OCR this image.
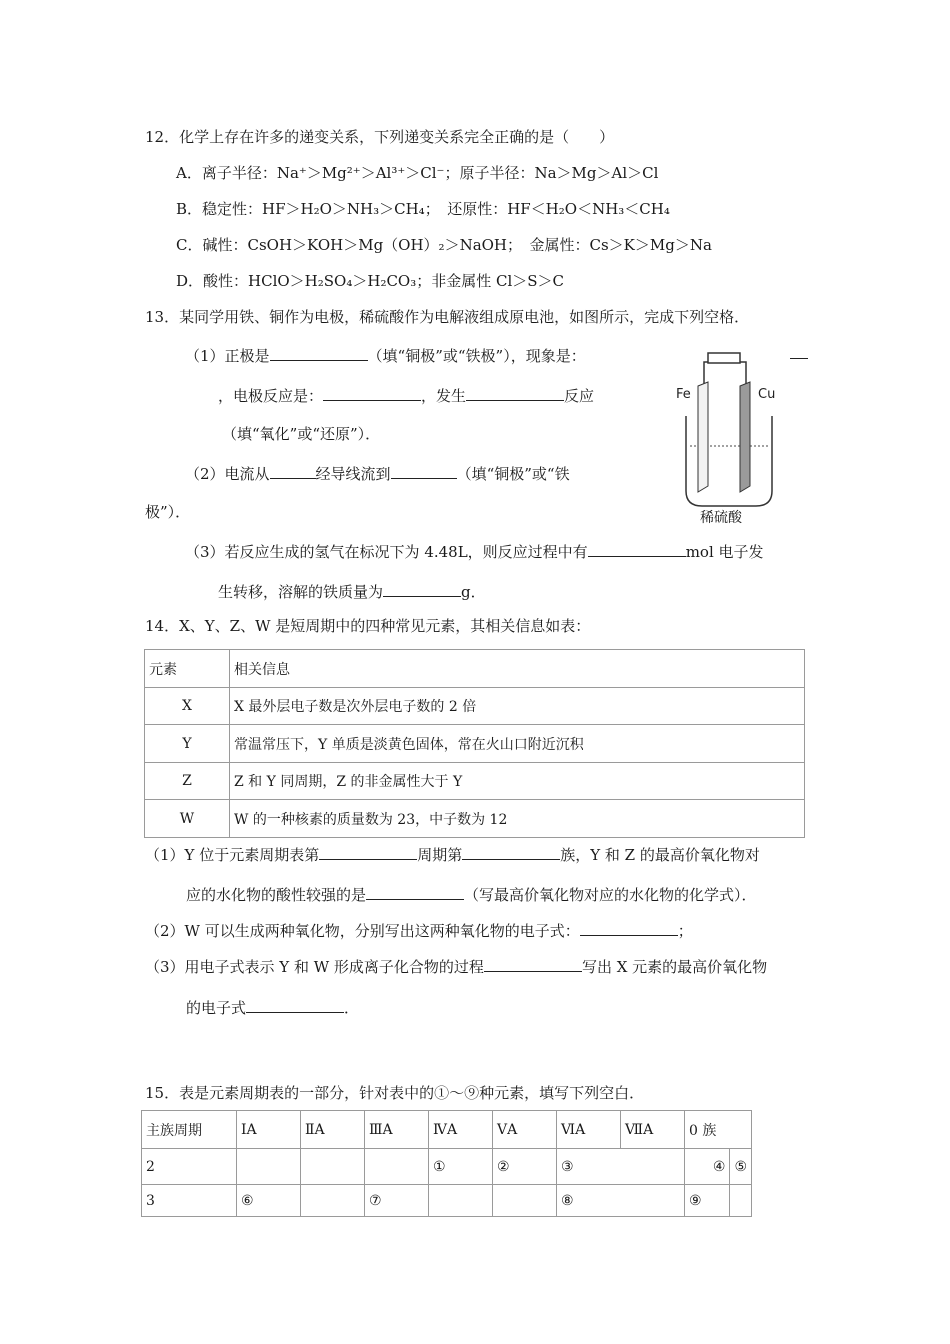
12．化学上存在许多的递变关系，下列递变关系完全正确的是（　　）
A．离子半径：Na⁺＞Mg²⁺＞Al³⁺＞Cl⁻；原子半径：Na＞Mg＞Al＞Cl
B．稳定性：HF＞H₂O＞NH₃＞CH₄；　还原性：HF＜H₂O＜NH₃＜CH₄
C．碱性：CsOH＞KOH＞Mg（OH）₂＞NaOH；　金属性：Cs＞K＞Mg＞Na
D．酸性：HClO＞H₂SO₄＞H₂CO₃；非金属性 Cl＞S＞C
13．某同学用铁、铜作为电极，稀硫酸作为电解液组成原电池，如图所示，完成下列空格．
（1）正极是	（填“铜极”或“铁极”），现象是：
，电极反应是：	，发生	反应
（填“氧化”或“还原”）．
（2）电流从	经导线流到	（填“铜极”或“铁
极”）．
（3）若反应生成的氢气在标况下为 4.48L，则反应过程中有	mol 电子发
生转移，溶解的铁质量为	g．
Fe	Cu
稀硫酸
14．X、Y、Z、W 是短周期中的四种常见元素，其相关信息如表：
元素	相关信息
X	X 最外层电子数是次外层电子数的 2 倍
Y	常温常压下，Y 单质是淡黄色固体，常在火山口附近沉积
Z	Z 和 Y 同周期，Z 的非金属性大于 Y
W	W 的一种核素的质量数为 23，中子数为 12
（1）Y 位于元素周期表第	周期第	族，Y 和 Z 的最高价氧化物对
应的水化物的酸性较强的是	（写最高价氧化物对应的水化物的化学式）．
（2）W 可以生成两种氧化物，分别写出这两种氧化物的电子式：	；
（3）用电子式表示 Y 和 W 形成离子化合物的过程	写出 X 元素的最高价氧化物
的电子式	．
15．表是元素周期表的一部分，针对表中的①～⑨种元素，填写下列空白．
主族周期	ⅠA	ⅡA	ⅢA	ⅣA	ⅤA	ⅥA	ⅦA	0 族	
2				①	②	③		④	⑤
3	⑥		⑦			⑧		⑨	
